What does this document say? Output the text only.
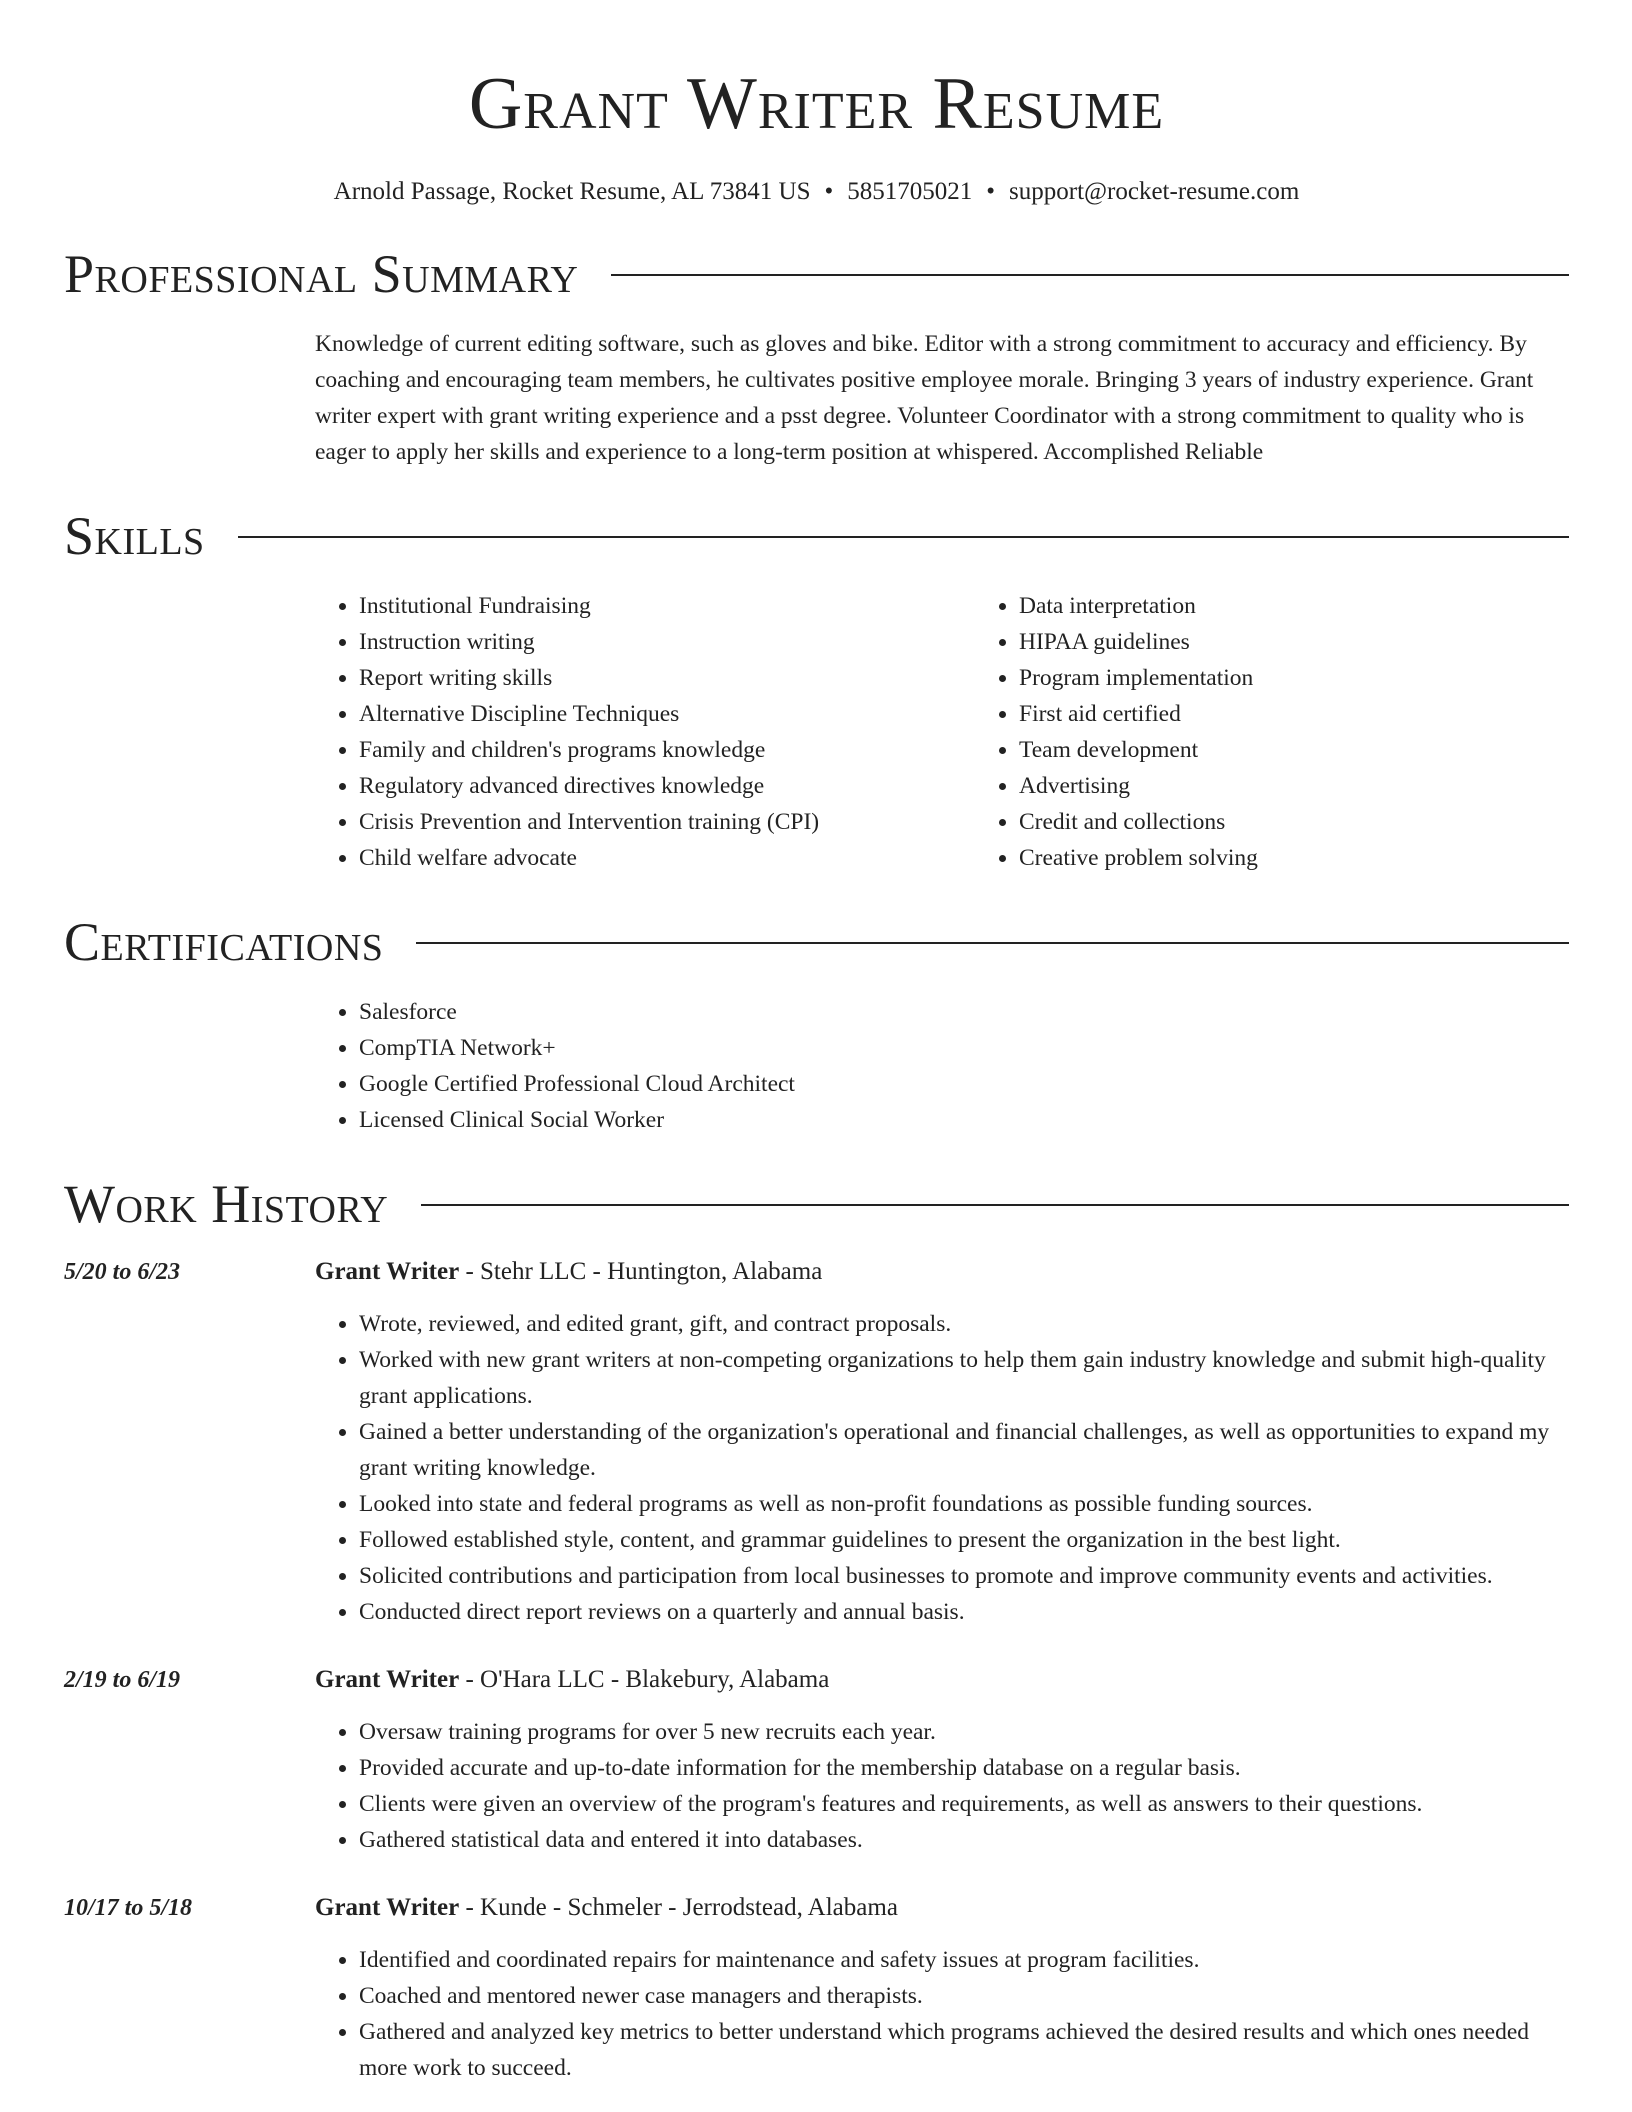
Grant Writer Resume
Arnold Passage, Rocket Resume, AL 73841 US • 5851705021 • support@rocket-resume.com
Professional Summary
Knowledge of current editing software, such as gloves and bike. Editor with a strong commitment to accuracy and efficiency. By coaching and encouraging team members, he cultivates positive employee morale. Bringing 3 years of industry experience. Grant writer expert with grant writing experience and a psst degree. Volunteer Coordinator with a strong commitment to quality who is eager to apply her skills and experience to a long-term position at whispered. Accomplished Reliable
Skills
• Institutional Fundraising
• Instruction writing
• Report writing skills
• Alternative Discipline Techniques
• Family and children's programs knowledge
• Regulatory advanced directives knowledge
• Crisis Prevention and Intervention training (CPI)
• Child welfare advocate
• Data interpretation
• HIPAA guidelines
• Program implementation
• First aid certified
• Team development
• Advertising
• Credit and collections
• Creative problem solving
Certifications
• Salesforce
• CompTIA Network+
• Google Certified Professional Cloud Architect
• Licensed Clinical Social Worker
Work History
5/20 to 6/23	Grant Writer - Stehr LLC - Huntington, Alabama
• Wrote, reviewed, and edited grant, gift, and contract proposals.
• Worked with new grant writers at non-competing organizations to help them gain industry knowledge and submit high-quality grant applications.
• Gained a better understanding of the organization's operational and financial challenges, as well as opportunities to expand my grant writing knowledge.
• Looked into state and federal programs as well as non-profit foundations as possible funding sources.
• Followed established style, content, and grammar guidelines to present the organization in the best light.
• Solicited contributions and participation from local businesses to promote and improve community events and activities.
• Conducted direct report reviews on a quarterly and annual basis.
2/19 to 6/19	Grant Writer - O'Hara LLC - Blakebury, Alabama
• Oversaw training programs for over 5 new recruits each year.
• Provided accurate and up-to-date information for the membership database on a regular basis.
• Clients were given an overview of the program's features and requirements, as well as answers to their questions.
• Gathered statistical data and entered it into databases.
10/17 to 5/18	Grant Writer - Kunde - Schmeler - Jerrodstead, Alabama
• Identified and coordinated repairs for maintenance and safety issues at program facilities.
• Coached and mentored newer case managers and therapists.
• Gathered and analyzed key metrics to better understand which programs achieved the desired results and which ones needed more work to succeed.
